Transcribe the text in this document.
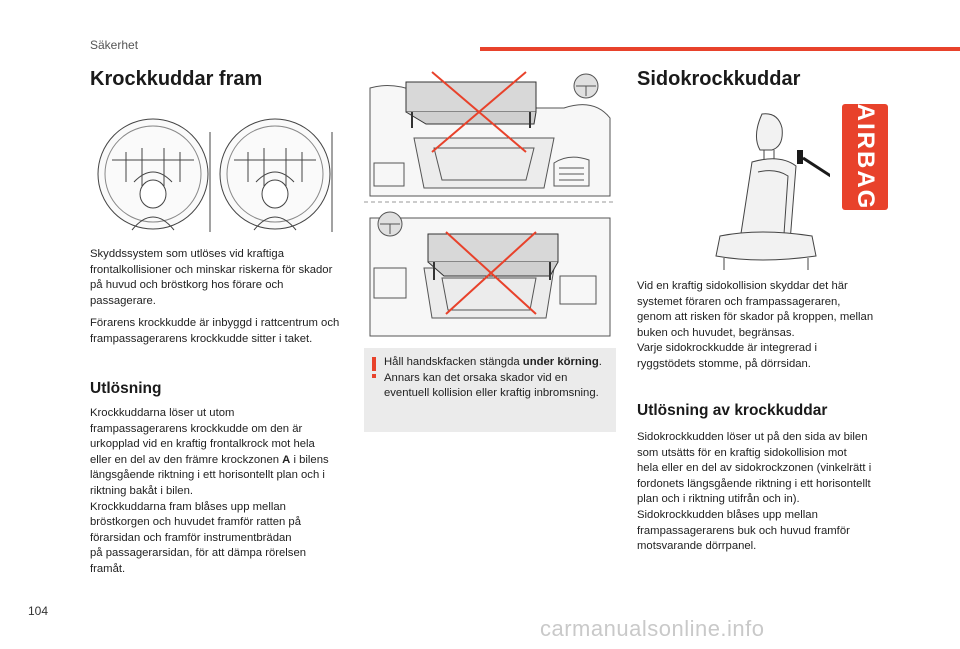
Säkerhet
Krockkuddar fram

Skyddssystem som utlöses vid kraftiga frontalkollisioner och minskar riskerna för skador på huvud och bröstkorg hos förare och passagerare.

Förarens krockkudde är inbyggd i rattcentrum och frampassagerarens krockkudde sitter i taket.

Utlösning
Krockkuddarna löser ut utom
frampassagerarens krockkudde om den är
urkopplad vid en kraftig frontalkrock mot hela
eller en del av den främre krockzonen A i bilens
längsgående riktning i ett horisontellt plan och i
riktning bakåt i bilen.
Krockkuddarna fram blåses upp mellan
bröstkorgen och huvudet framför ratten på
förarsidan och framför instrumentbrädan
på passagerarsidan, för att dämpa rörelsen
framåt.
Håll handskfacken stängda under körning. Annars kan det orsaka skador vid en eventuell kollision eller kraftig inbromsning.
Sidokrockkuddar
AIRBAG
Vid en kraftig sidokollision skyddar det här
systemet föraren och frampassageraren,
genom att risken för skador på kroppen, mellan
buken och huvudet, begränsas.
Varje sidokrockkudde är integrerad i
ryggstödets stomme, på dörrsidan.
Utlösning av krockkuddar
Sidokrockkudden löser ut på den sida av bilen
som utsätts för en kraftig sidokollision mot
hela eller en del av sidokrockzonen (vinkelrätt i
fordonets längsgående riktning i ett horisontellt
plan och i riktning utifrån och in).
Sidokrockkudden blåses upp mellan
frampassagerarens buk och huvud framför
motsvarande dörrpanel.
104
carmanualsonline.info
